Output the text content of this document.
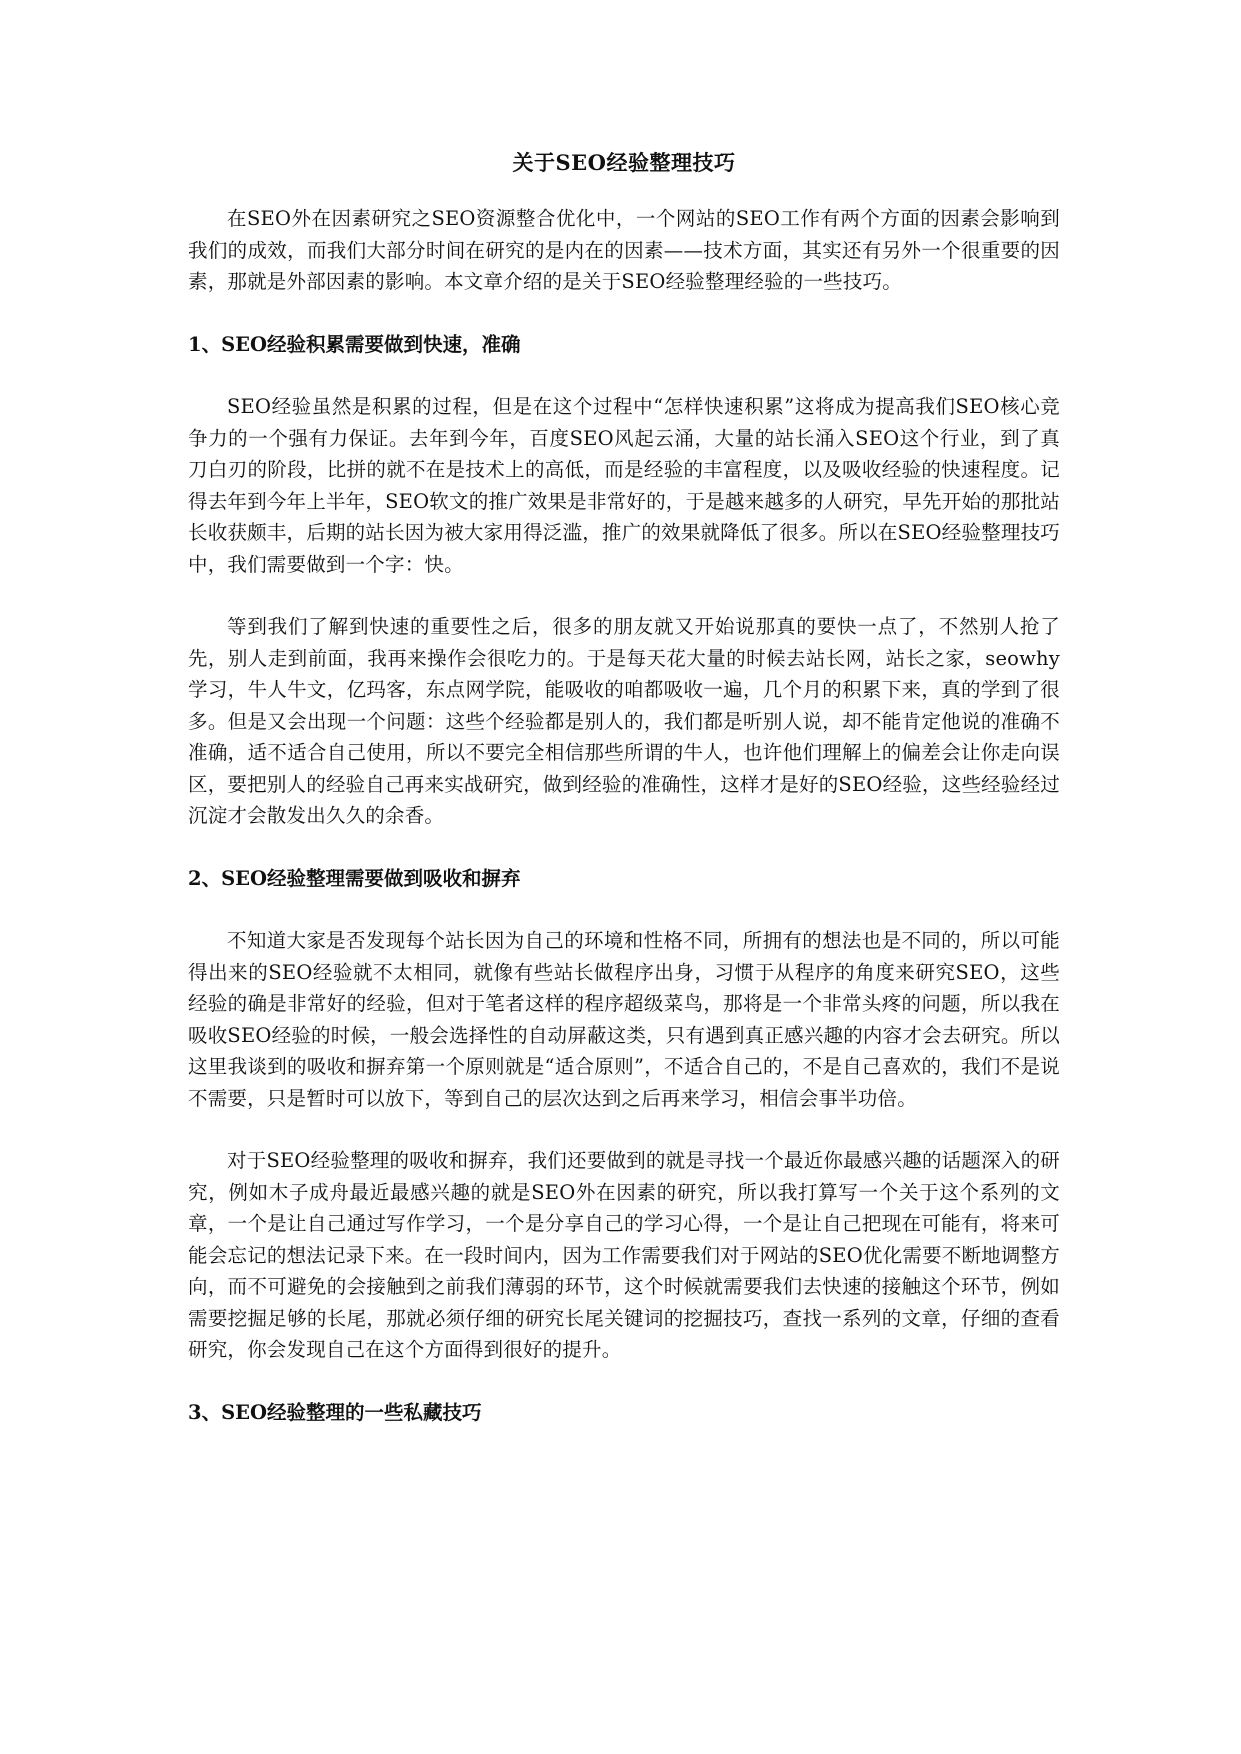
关于SEO经验整理技巧

在SEO外在因素研究之SEO资源整合优化中，一个网站的SEO工作有两个方面的因素会影响到我们的成效，而我们大部分时间在研究的是内在的因素——技术方面，其实还有另外一个很重要的因素，那就是外部因素的影响。本文章介绍的是关于SEO经验整理经验的一些技巧。

1、SEO经验积累需要做到快速，准确

SEO经验虽然是积累的过程，但是在这个过程中“怎样快速积累”这将成为提高我们SEO核心竞争力的一个强有力保证。去年到今年，百度SEO风起云涌，大量的站长涌入SEO这个行业，到了真刀白刃的阶段，比拼的就不在是技术上的高低，而是经验的丰富程度，以及吸收经验的快速程度。记得去年到今年上半年，SEO软文的推广效果是非常好的，于是越来越多的人研究，早先开始的那批站长收获颇丰，后期的站长因为被大家用得泛滥，推广的效果就降低了很多。所以在SEO经验整理技巧中，我们需要做到一个字：快。

等到我们了解到快速的重要性之后，很多的朋友就又开始说那真的要快一点了，不然别人抢了先，别人走到前面，我再来操作会很吃力的。于是每天花大量的时候去站长网，站长之家，seowhy学习，牛人牛文，亿玛客，东点网学院，能吸收的咱都吸收一遍，几个月的积累下来，真的学到了很多。但是又会出现一个问题：这些个经验都是别人的，我们都是听别人说，却不能肯定他说的准确不准确，适不适合自己使用，所以不要完全相信那些所谓的牛人，也许他们理解上的偏差会让你走向误区，要把别人的经验自己再来实战研究，做到经验的准确性，这样才是好的SEO经验，这些经验经过沉淀才会散发出久久的余香。

2、SEO经验整理需要做到吸收和摒弃

不知道大家是否发现每个站长因为自己的环境和性格不同，所拥有的想法也是不同的，所以可能得出来的SEO经验就不太相同，就像有些站长做程序出身，习惯于从程序的角度来研究SEO，这些经验的确是非常好的经验，但对于笔者这样的程序超级菜鸟，那将是一个非常头疼的问题，所以我在吸收SEO经验的时候，一般会选择性的自动屏蔽这类，只有遇到真正感兴趣的内容才会去研究。所以这里我谈到的吸收和摒弃第一个原则就是“适合原则”，不适合自己的，不是自己喜欢的，我们不是说不需要，只是暂时可以放下，等到自己的层次达到之后再来学习，相信会事半功倍。

对于SEO经验整理的吸收和摒弃，我们还要做到的就是寻找一个最近你最感兴趣的话题深入的研究，例如木子成舟最近最感兴趣的就是SEO外在因素的研究，所以我打算写一个关于这个系列的文章，一个是让自己通过写作学习，一个是分享自己的学习心得，一个是让自己把现在可能有，将来可能会忘记的想法记录下来。在一段时间内，因为工作需要我们对于网站的SEO优化需要不断地调整方向，而不可避免的会接触到之前我们薄弱的环节，这个时候就需要我们去快速的接触这个环节，例如需要挖掘足够的长尾，那就必须仔细的研究长尾关键词的挖掘技巧，查找一系列的文章，仔细的查看研究，你会发现自己在这个方面得到很好的提升。

3、SEO经验整理的一些私藏技巧
